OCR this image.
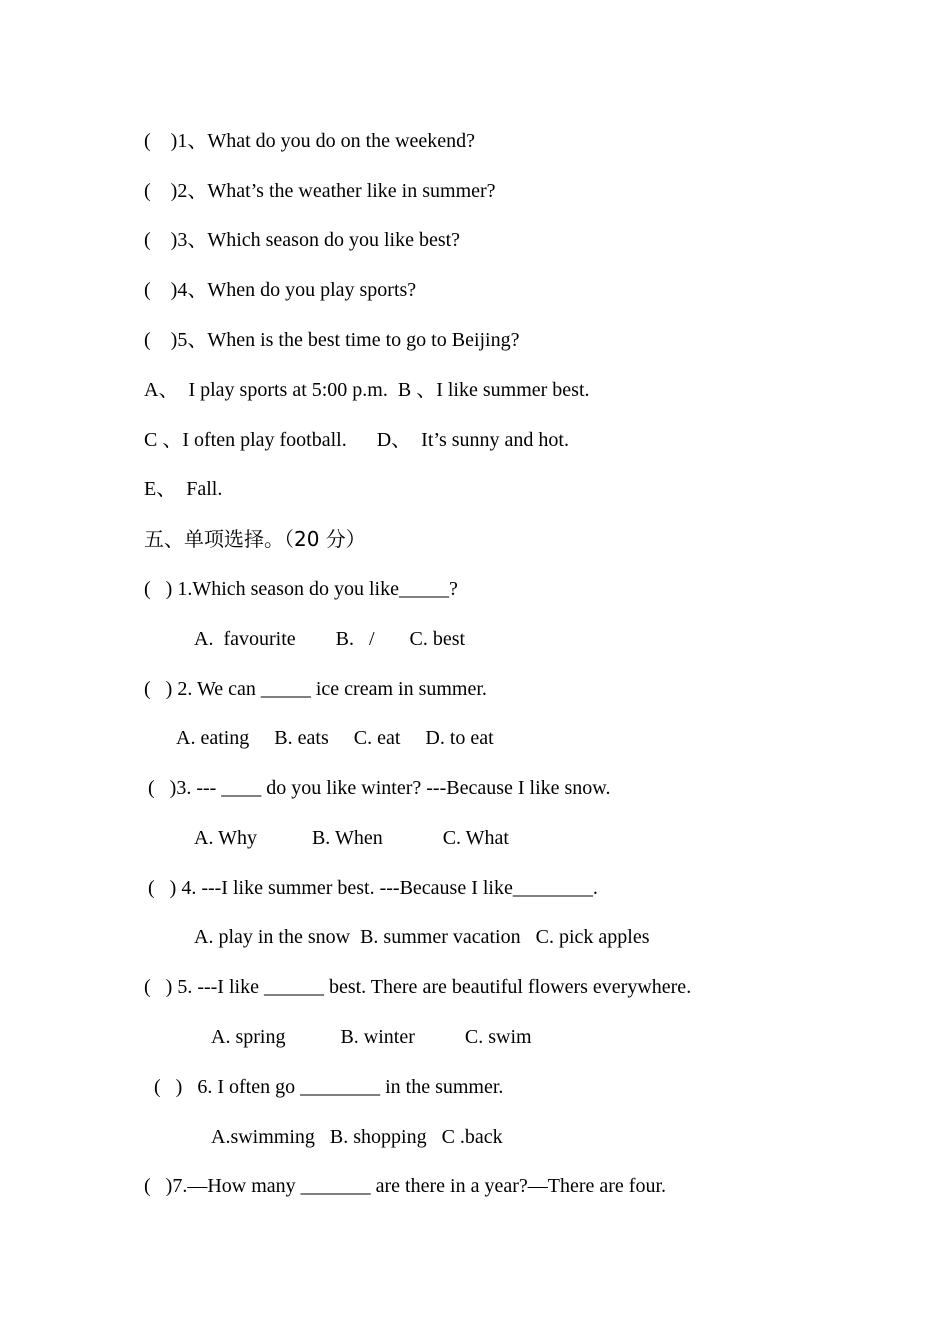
(    )1、What do you do on the weekend?
(    )2、What’s the weather like in summer?
(    )3、Which season do you like best?
(    )4、When do you play sports?
(    )5、When is the best time to go to Beijing?
A、  I play sports at 5:00 p.m.  B 、I like summer best.
C 、I often play football.      D、  It’s sunny and hot.
E、  Fall.
五、单项选择。（20 分）
(   ) 1.Which season do you like_____?
A.  favourite        B.   /       C. best
(   ) 2. We can _____ ice cream in summer.
A. eating     B. eats     C. eat     D. to eat
(   )3. --- ____ do you like winter? ---Because I like snow.
A. Why           B. When            C. What
(   ) 4. ---I like summer best. ---Because I like________.
A. play in the snow  B. summer vacation   C. pick apples
(   ) 5. ---I like ______ best. There are beautiful flowers everywhere.
A. spring           B. winter          C. swim
(   )   6. I often go ________ in the summer.
A.swimming   B. shopping   C .back
(   )7.—How many _______ are there in a year?—There are four.
